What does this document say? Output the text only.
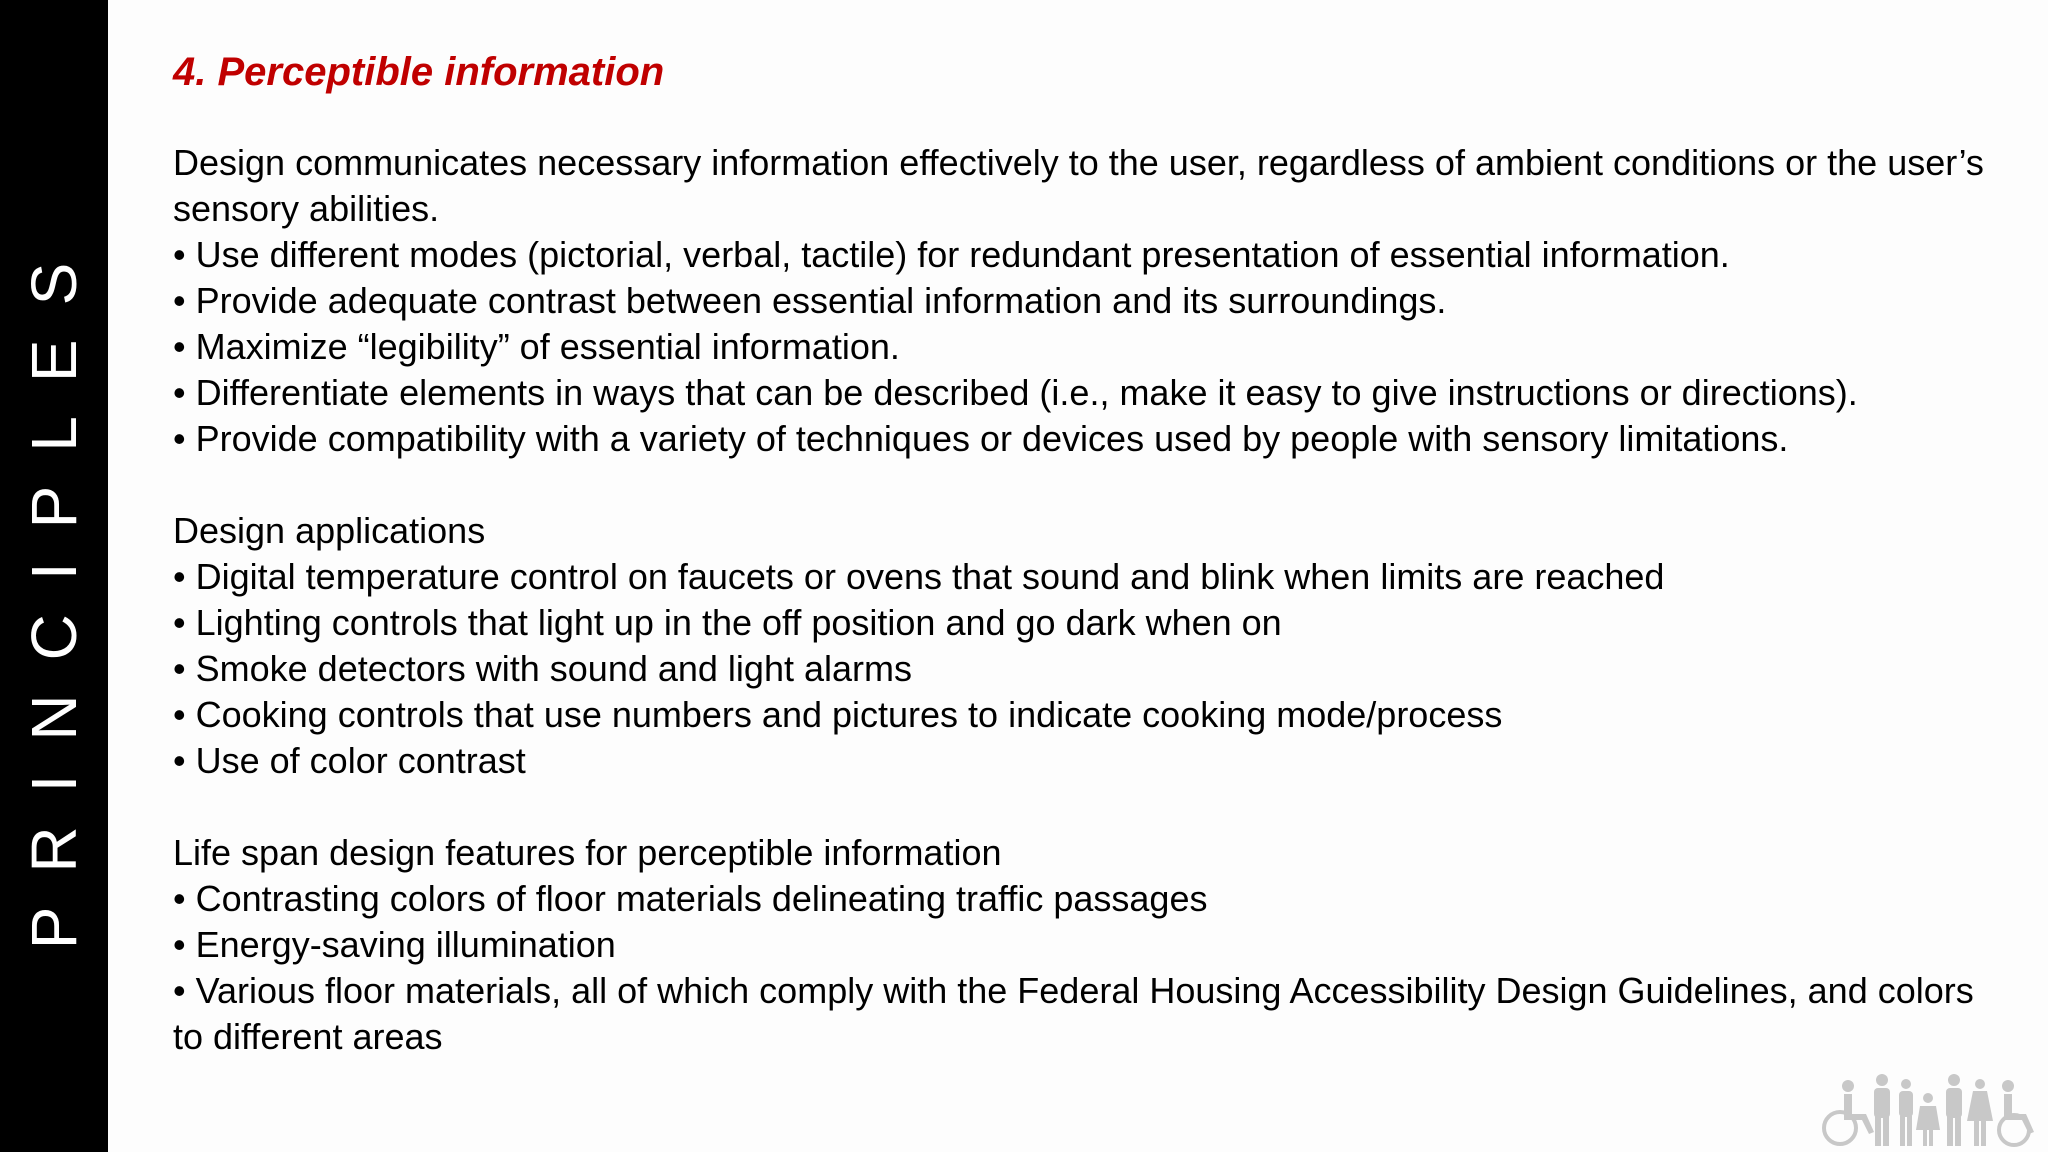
PRINCIPLES
4. Perceptible information

Design communicates necessary information effectively to the user, regardless of ambient conditions or the user’s sensory abilities.

• Use different modes (pictorial, verbal, tactile) for redundant presentation of essential information.
• Provide adequate contrast between essential information and its surroundings.
• Maximize “legibility” of essential information.
• Differentiate elements in ways that can be described (i.e., make it easy to give instructions or directions).
• Provide compatibility with a variety of techniques or devices used by people with sensory limitations.

Design applications

• Digital temperature control on faucets or ovens that sound and blink when limits are reached
• Lighting controls that light up in the off position and go dark when on
• Smoke detectors with sound and light alarms
• Cooking controls that use numbers and pictures to indicate cooking mode/process
• Use of color contrast

Life span design features for perceptible information

• Contrasting colors of floor materials delineating traffic passages
• Energy-saving illumination
• Various floor materials, all of which comply with the Federal Housing Accessibility Design Guidelines, and colors to different areas
